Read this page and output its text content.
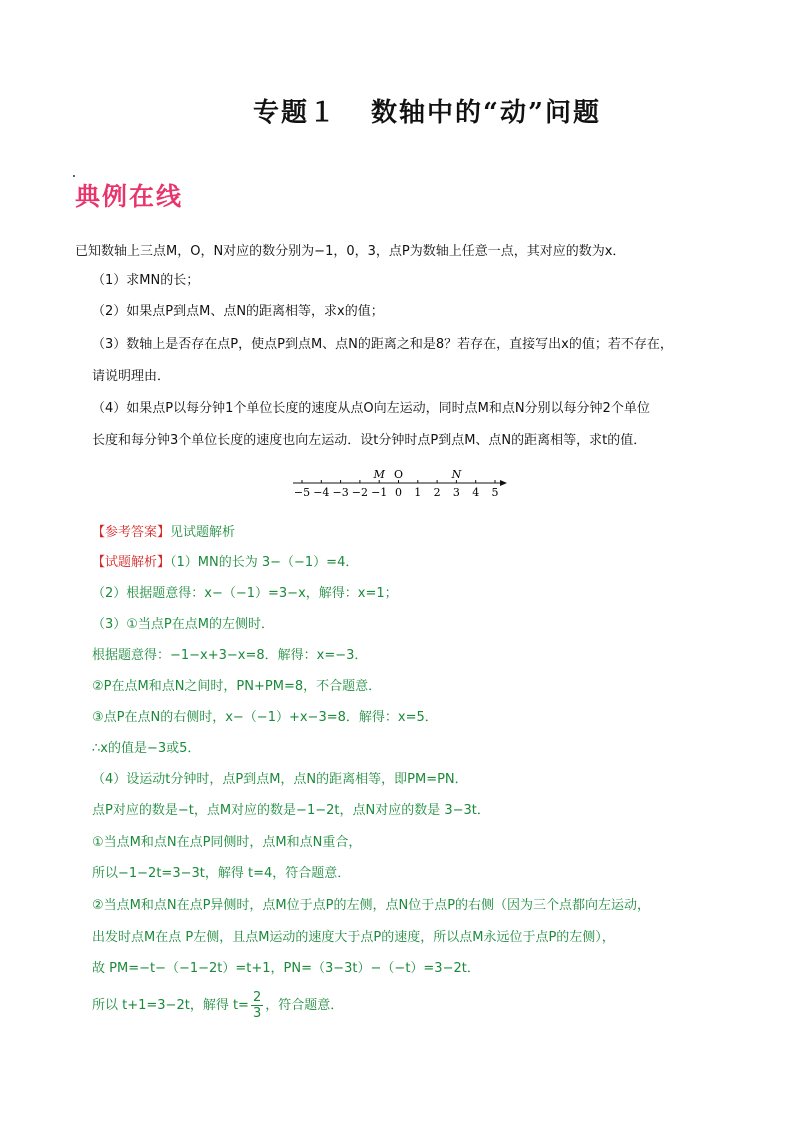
专题１ 数轴中的“动”问题
典例在线
已知数轴上三点M，O，N对应的数分别为−1，0，3，点P为数轴上任意一点，其对应的数为x．
（1）求MN的长；
（2）如果点P到点M、点N的距离相等，求x的值；
（3）数轴上是否存在点P，使点P到点M、点N的距离之和是8？若存在，直接写出x的值；若不存在，
请说明理由．
（4）如果点P以每分钟1个单位长度的速度从点O向左运动，同时点M和点N分别以每分钟2个单位
长度和每分钟3个单位长度的速度也向左运动．设t分钟时点P到点M、点N的距离相等，求t的值．
−5 −4 −3 −2 −1 0 1 2 3 4 5
M O	N
【参考答案】见试题解析
【试题解析】（1）MN的长为 3−（−1）=4．
（2）根据题意得：x−（−1）=3−x，解得：x=1；
（3）①当点P在点M的左侧时．
根据题意得：−1−x+3−x=8．解得：x=−3．
②P在点M和点N之间时，PN+PM=8，不合题意．
③点P在点N的右侧时，x−（−1）+x−3=8．解得：x=5．
∴x的值是−3或5．
（4）设运动t分钟时，点P到点M，点N的距离相等，即PM=PN．
点P对应的数是−t，点M对应的数是−1−2t，点N对应的数是 3−3t．
①当点M和点N在点P同侧时，点M和点N重合，
所以−1−2t=3−3t，解得 t=4，符合题意．
②当点M和点N在点P异侧时，点M位于点P的左侧，点N位于点P的右侧（因为三个点都向左运动，
出发时点M在点 P左侧，且点M运动的速度大于点P的速度，所以点M永远位于点P的左侧），
故 PM=−t−（−1−2t）=t+1，PN=（3−3t）−（−t）=3−2t．
所以 t+1=3−2t，解得 $t= \frac{2}{3}$ ，符合题意．
